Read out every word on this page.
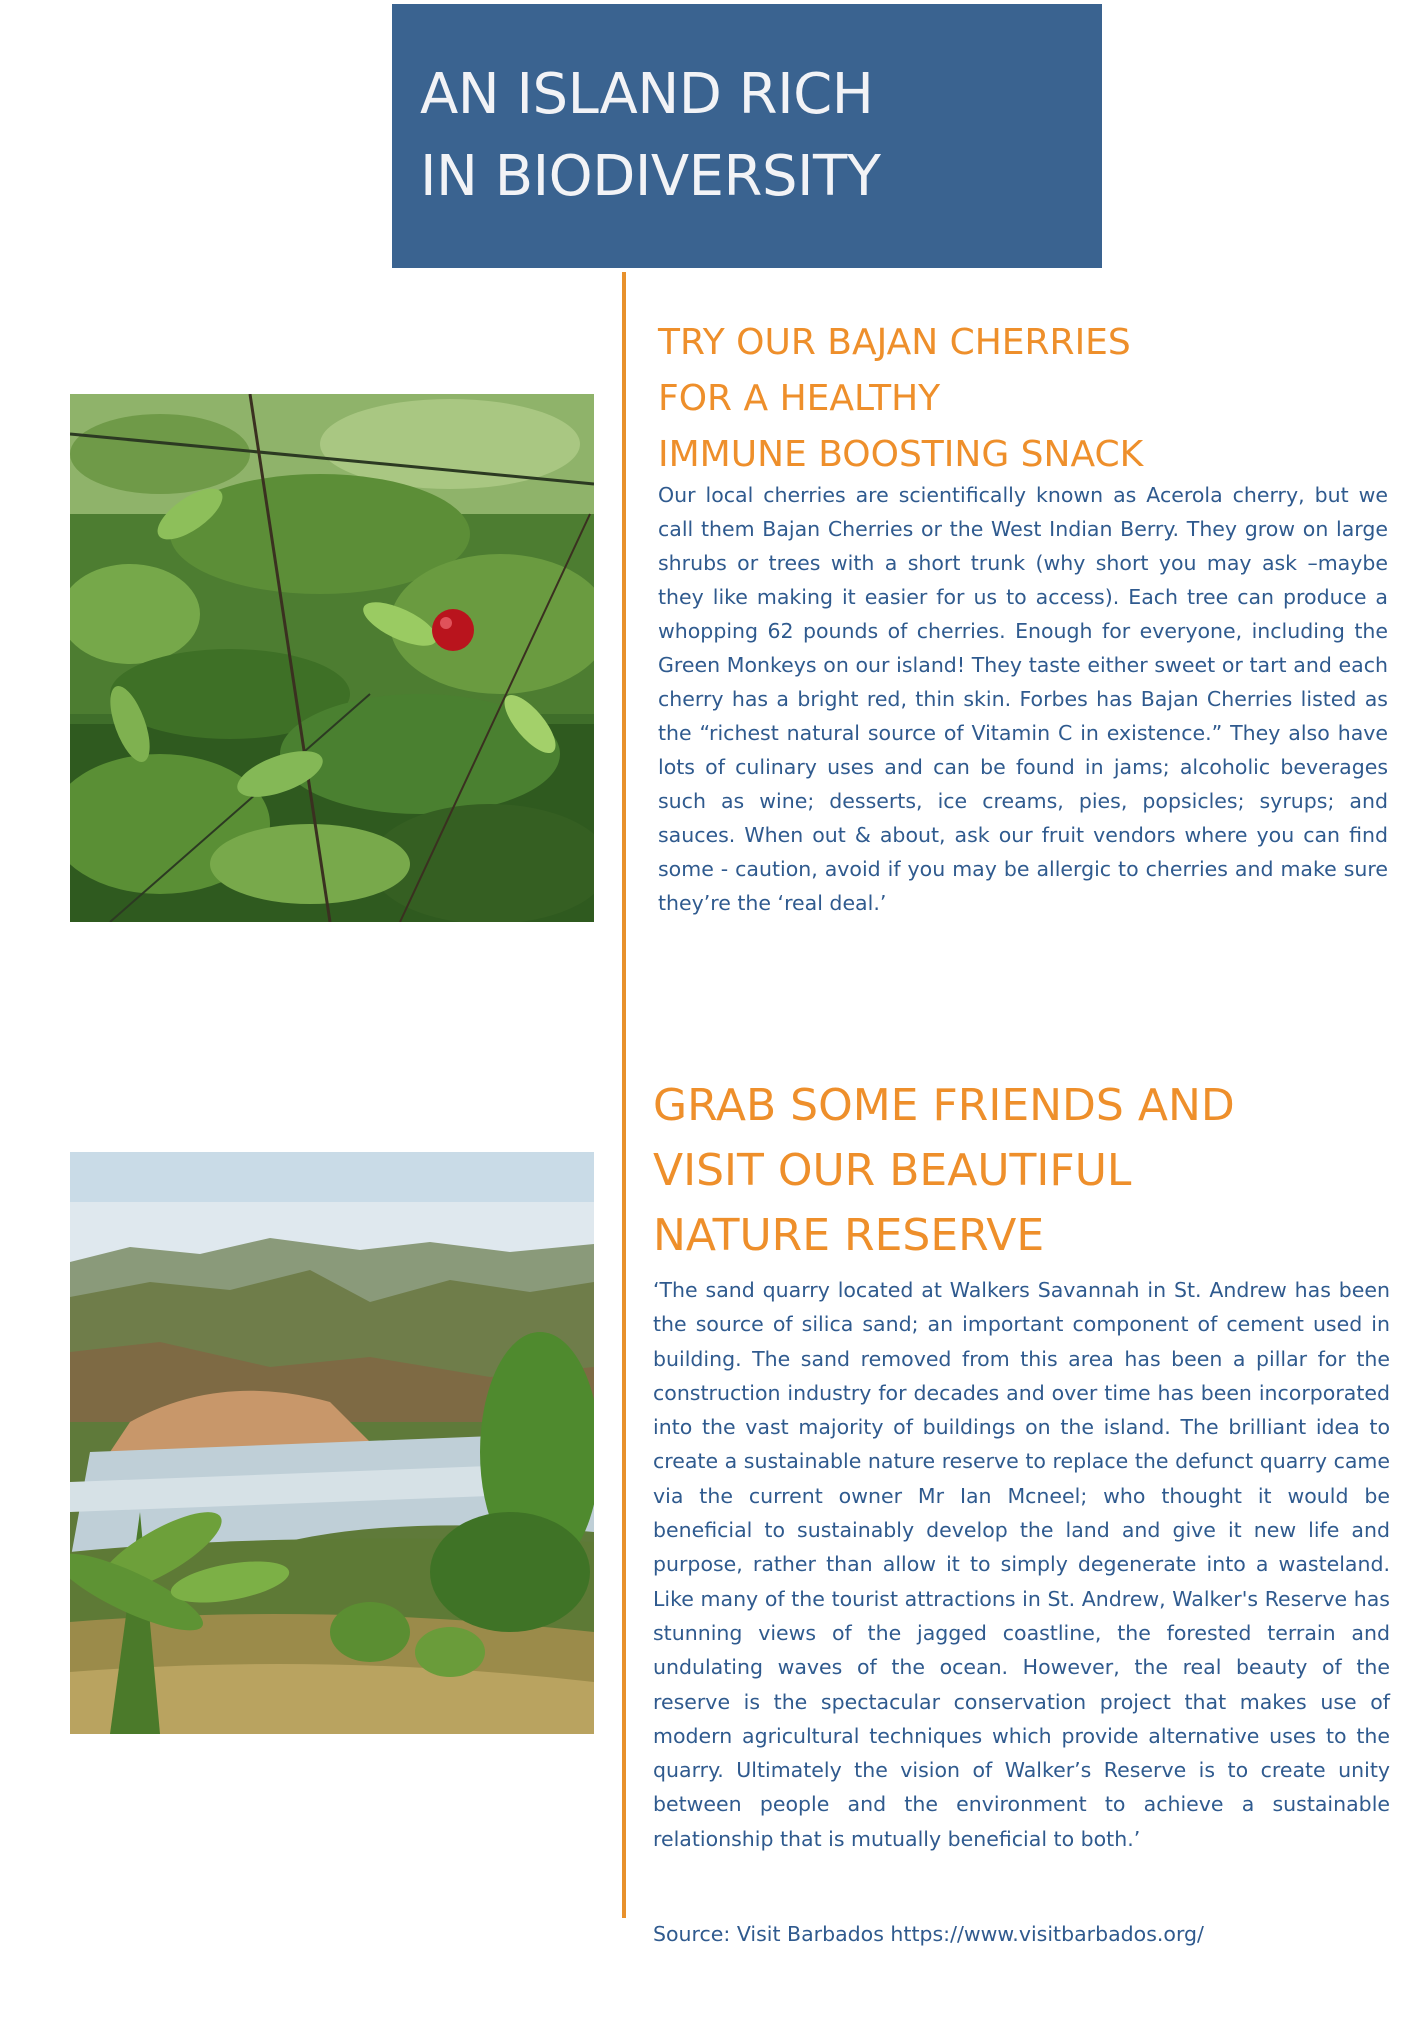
AN ISLAND RICH
IN BIODIVERSITY
TRY OUR BAJAN CHERRIES
FOR A HEALTHY
IMMUNE BOOSTING SNACK
Our local cherries are scientifically known as Acerola cherry, but we call them Bajan Cherries or the West Indian Berry. They grow on large shrubs or trees with a short trunk (why short you may ask –maybe they like making it easier for us to access). Each tree can produce a whopping 62 pounds of cherries. Enough for everyone, including the Green Monkeys on our island! They taste either sweet or tart and each cherry has a bright red, thin skin. Forbes has Bajan Cherries listed as the “richest natural source of Vitamin C in existence.” They also have lots of culinary uses and can be found in jams; alcoholic beverages such as wine; desserts, ice creams, pies, popsicles; syrups; and sauces. When out & about, ask our fruit vendors where you can find some - caution, avoid if you may be allergic to cherries and make sure they’re the ‘real deal.’
GRAB SOME FRIENDS AND
VISIT OUR BEAUTIFUL
NATURE RESERVE
‘The sand quarry located at Walkers Savannah in St. Andrew has been the source of silica sand; an important component of cement used in building. The sand removed from this area has been a pillar for the construction industry for decades and over time has been incorporated into the vast majority of buildings on the island. The brilliant idea to create a sustainable nature reserve to replace the defunct quarry came via the current owner Mr Ian Mcneel; who thought it would be beneficial to sustainably develop the land and give it new life and purpose, rather than allow it to simply degenerate into a wasteland. Like many of the tourist attractions in St. Andrew, Walker's Reserve has stunning views of the jagged coastline, the forested terrain and undulating waves of the ocean. However, the real beauty of the reserve is the spectacular conservation project that makes use of modern agricultural techniques which provide alternative uses to the quarry. Ultimately the vision of Walker’s Reserve is to create unity between people and the environment to achieve a sustainable relationship that is mutually beneficial to both.’
Source: Visit Barbados https://www.visitbarbados.org/
